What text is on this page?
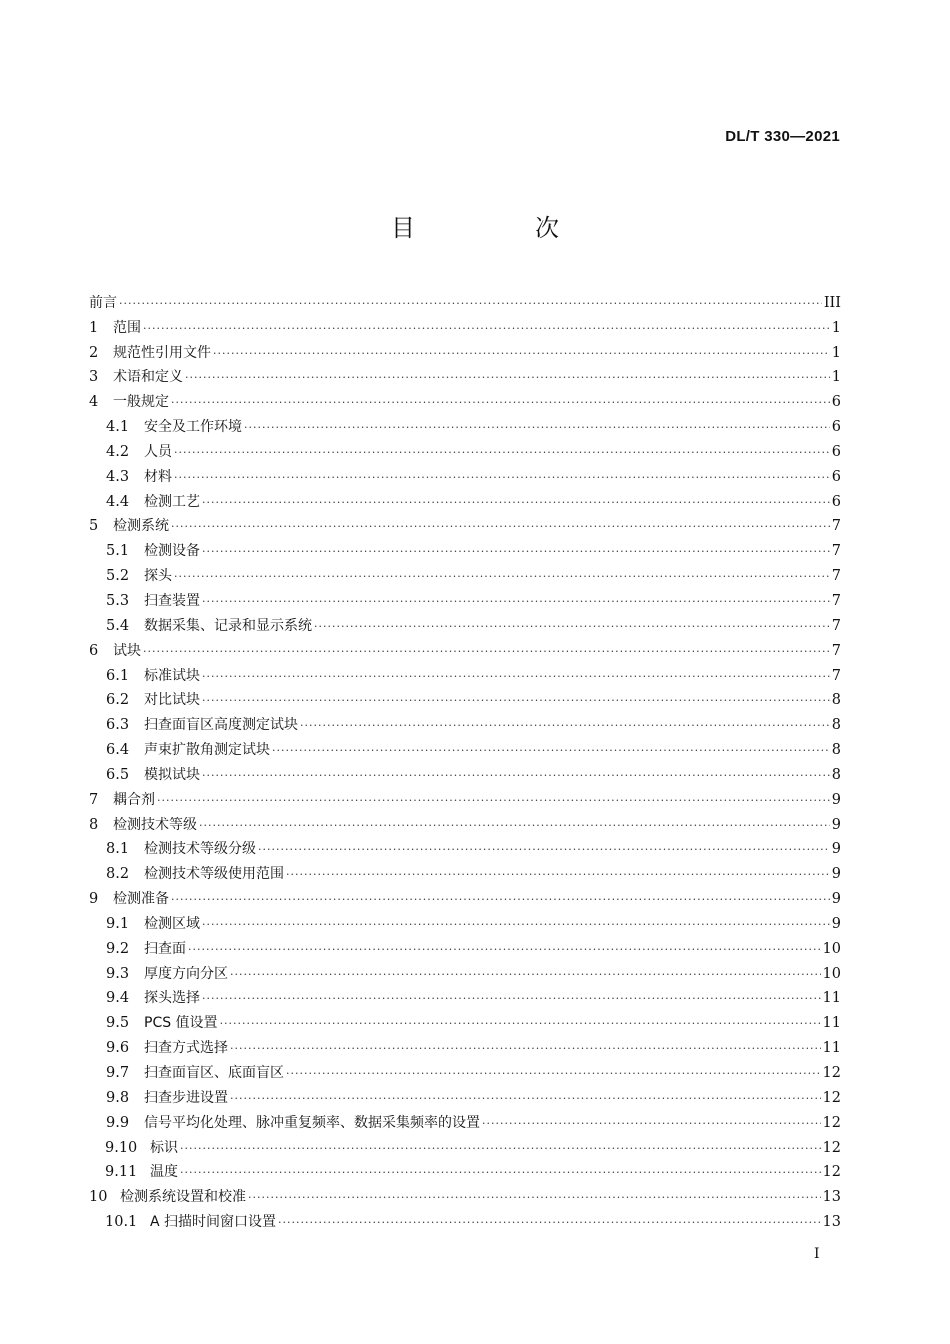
DL/T 330—2021
目　次
前言 ·····	III
1	范围 ·····	1
2	规范性引用文件 ·····	1
3	术语和定义 ·····	1
4	一般规定 ·····	6
4.1	安全及工作环境 ·····	6
4.2	人员 ·····	6
4.3	材料 ·····	6
4.4	检测工艺 ·····	6
5	检测系统 ·····	7
5.1	检测设备 ·····	7
5.2	探头 ·····	7
5.3	扫查装置 ·····	7
5.4	数据采集、记录和显示系统 ·····	7
6	试块 ·····	7
6.1	标准试块 ·····	7
6.2	对比试块 ·····	8
6.3	扫查面盲区高度测定试块 ·····	8
6.4	声束扩散角测定试块 ·····	8
6.5	模拟试块 ·····	8
7	耦合剂 ·····	9
8	检测技术等级 ·····	9
8.1	检测技术等级分级 ·····	9
8.2	检测技术等级使用范围 ·····	9
9	检测准备 ·····	9
9.1	检测区域 ·····	9
9.2	扫查面 ·····	10
9.3	厚度方向分区 ·····	10
9.4	探头选择 ·····	11
9.5	PCS 值设置 ·····	11
9.6	扫查方式选择 ·····	11
9.7	扫查面盲区、底面盲区 ·····	12
9.8	扫查步进设置 ·····	12
9.9	信号平均化处理、脉冲重复频率、数据采集频率的设置 ·····	12
9.10 标识 ·····	12
9.11 温度 ·····	12
10 检测系统设置和校准 ·····	13
10.1 A 扫描时间窗口设置 ·····	13
I
